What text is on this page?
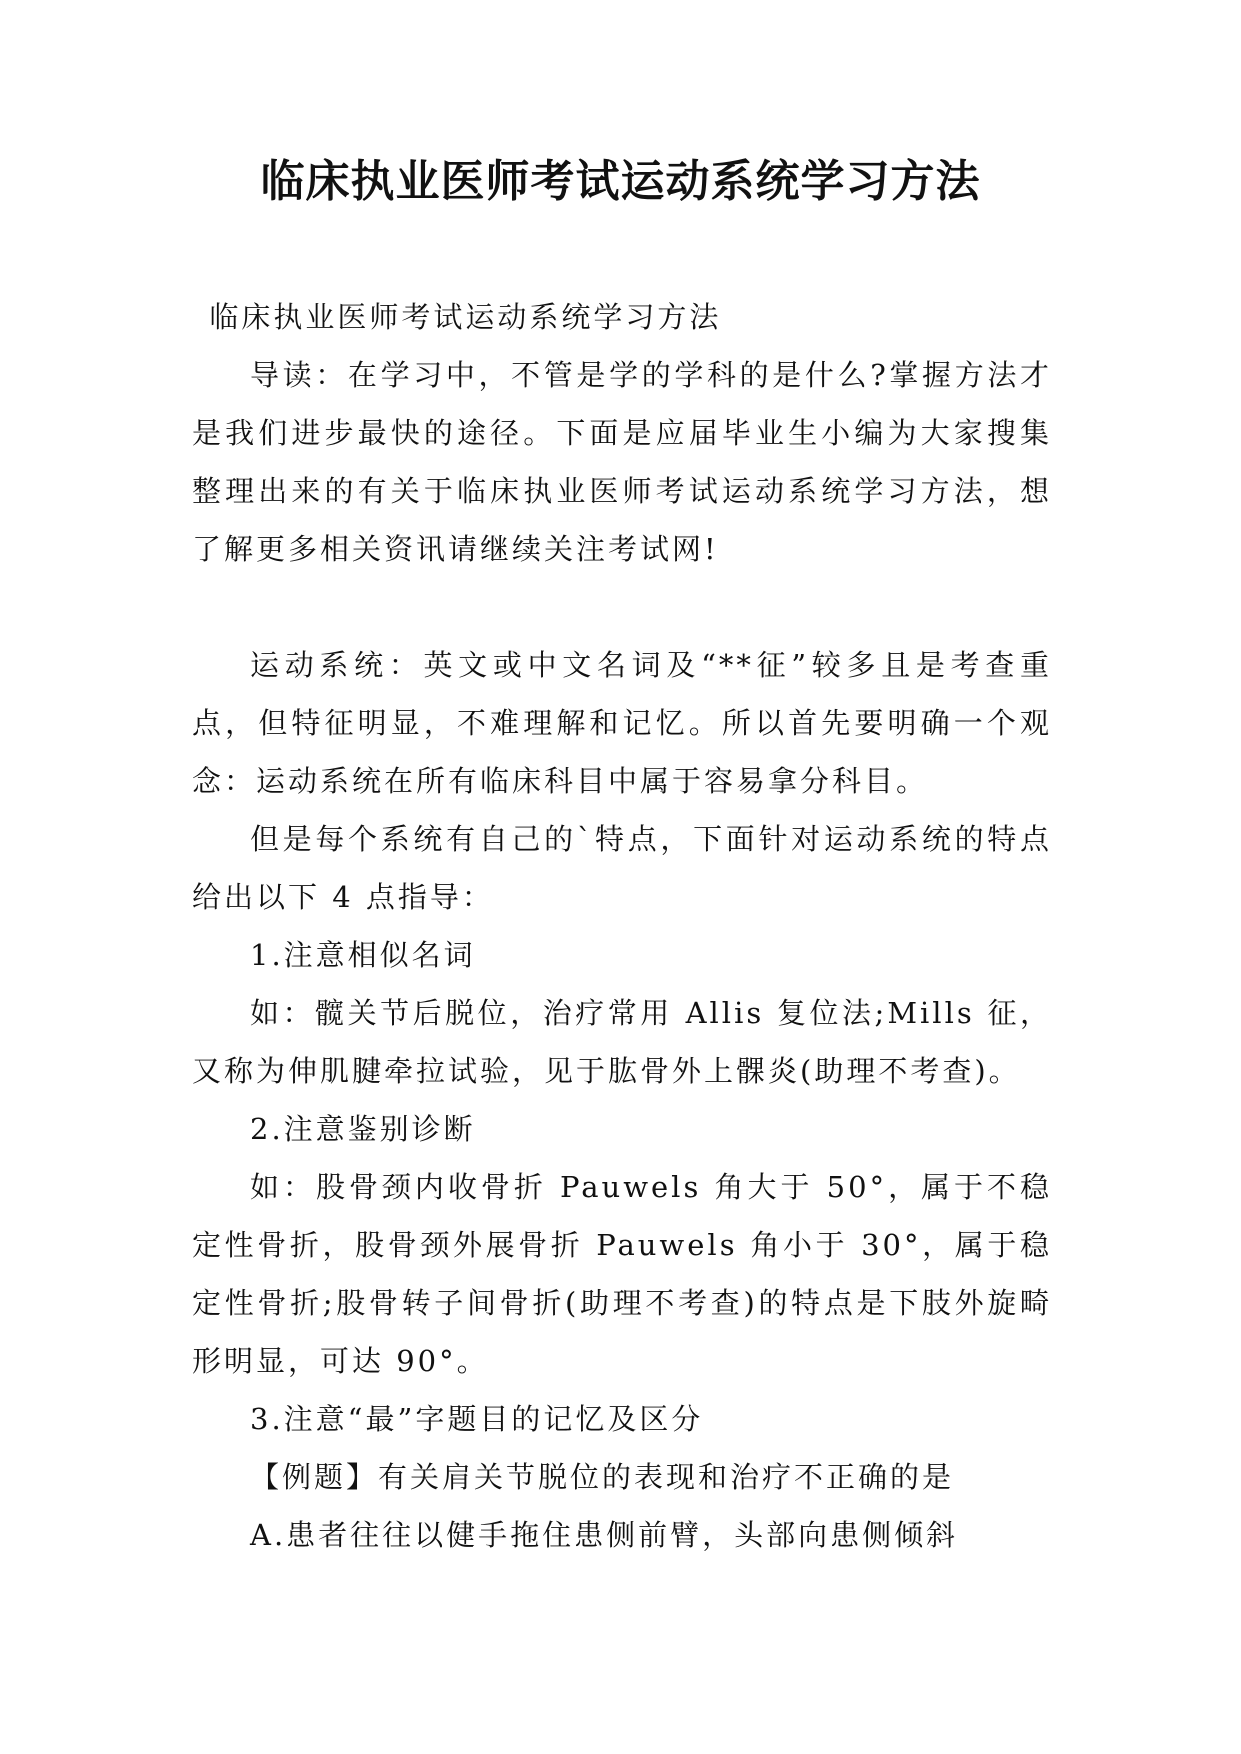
临床执业医师考试运动系统学习方法

临床执业医师考试运动系统学习方法

导读：在学习中，不管是学的学科的是什么?掌握方法才是我们进步最快的途径。下面是应届毕业生小编为大家搜集整理出来的有关于临床执业医师考试运动系统学习方法，想了解更多相关资讯请继续关注考试网!

运动系统：英文或中文名词及“**征”较多且是考查重点，但特征明显，不难理解和记忆。所以首先要明确一个观念：运动系统在所有临床科目中属于容易拿分科目。

但是每个系统有自己的`特点，下面针对运动系统的特点给出以下 4 点指导：

1.注意相似名词

如：髋关节后脱位，治疗常用 Allis 复位法;Mills 征，又称为伸肌腱牵拉试验，见于肱骨外上髁炎(助理不考查)。

2.注意鉴别诊断

如：股骨颈内收骨折 Pauwels 角大于 50°，属于不稳定性骨折，股骨颈外展骨折 Pauwels 角小于 30°，属于稳定性骨折;股骨转子间骨折(助理不考查)的特点是下肢外旋畸形明显，可达 90°。

3.注意“最”字题目的记忆及区分

【例题】有关肩关节脱位的表现和治疗不正确的是

A.患者往往以健手拖住患侧前臂，头部向患侧倾斜
